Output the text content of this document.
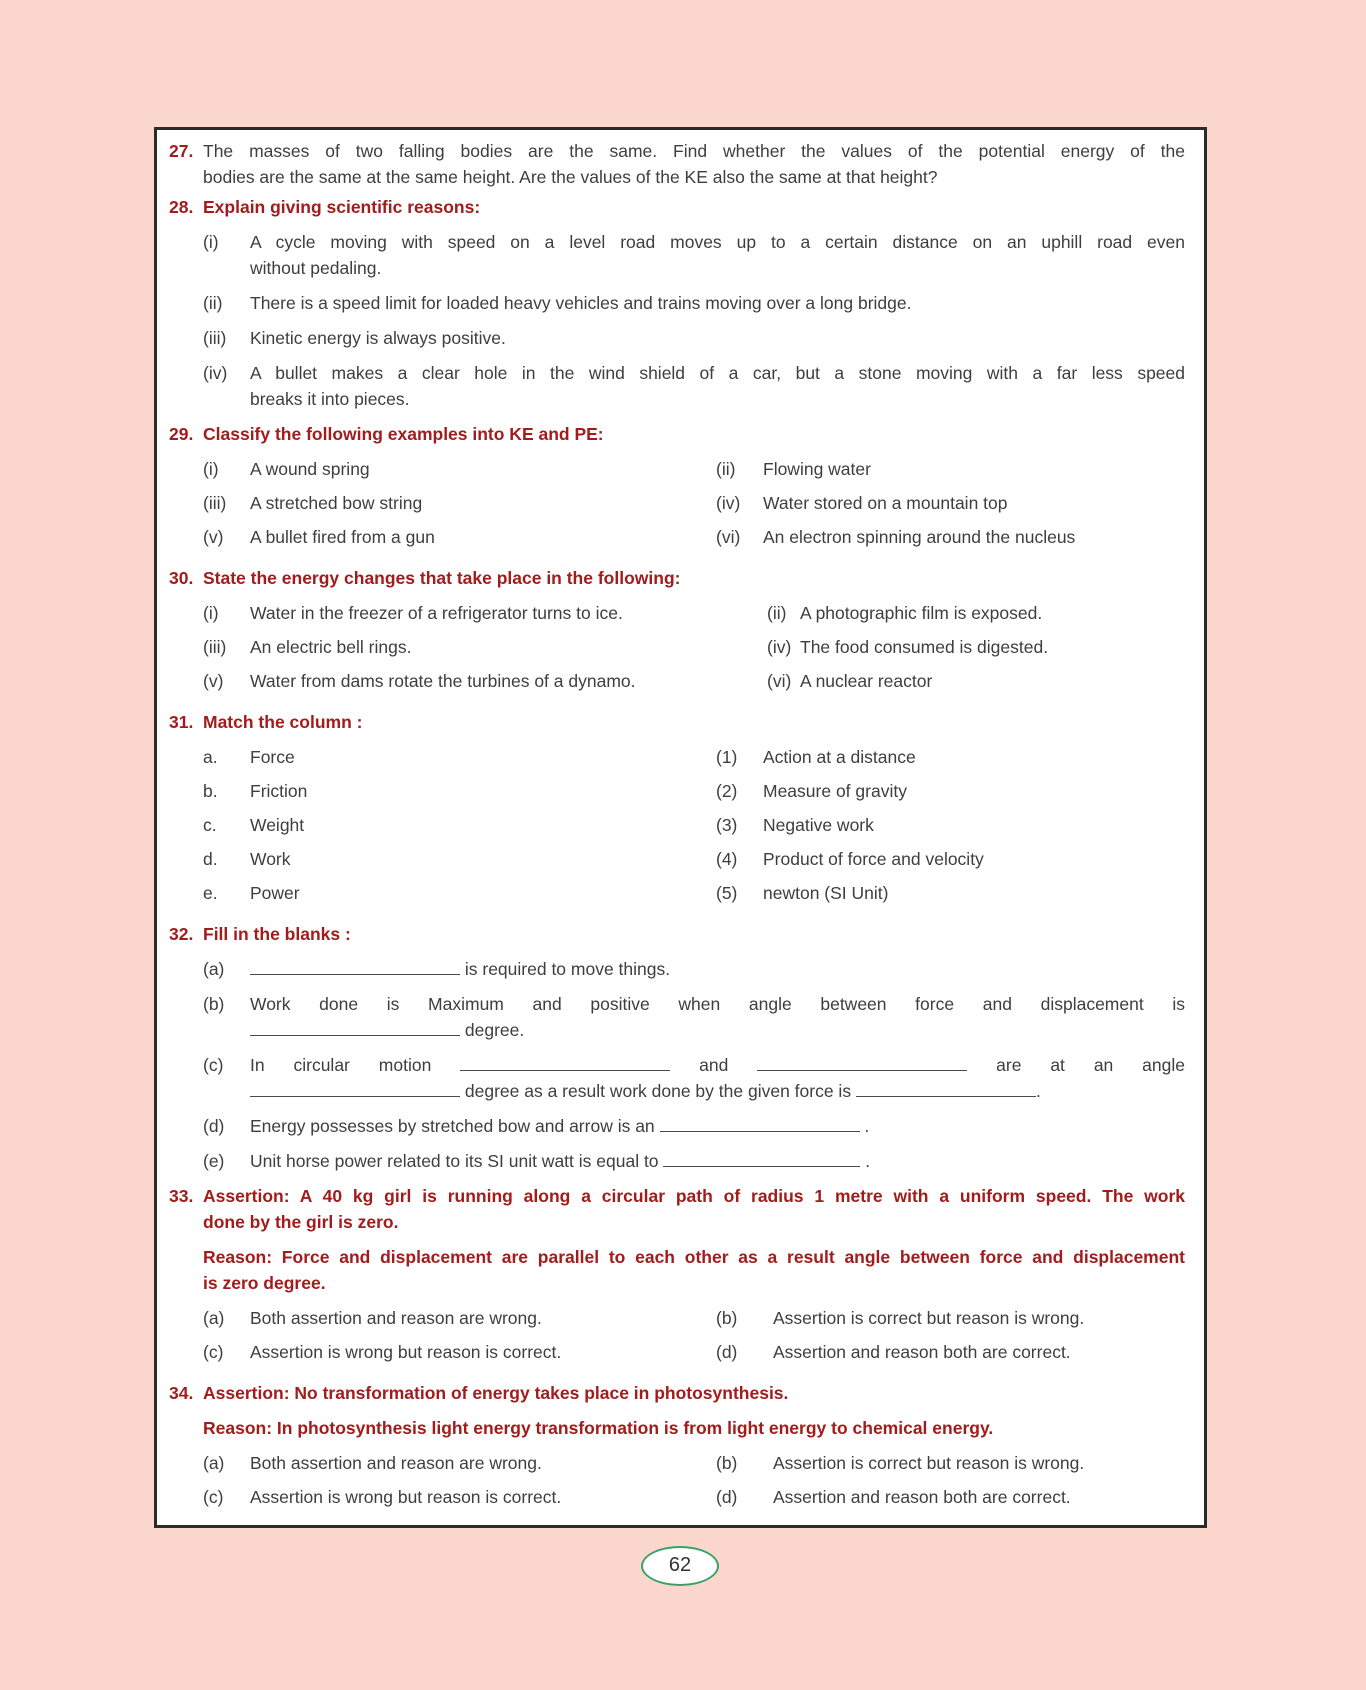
27. The masses of two falling bodies are the same. Find whether the values of the potential energy of the
bodies are the same at the same height. Are the values of the KE also the same at that height?
28. Explain giving scientific reasons:
(i)	A cycle moving with speed on a level road moves up to a certain distance on an uphill road even
without pedaling.
(ii)	There is a speed limit for loaded heavy vehicles and trains moving over a long bridge.
(iii)	Kinetic energy is always positive.
(iv)	A bullet makes a clear hole in the wind shield of a car, but a stone moving with a far less speed
breaks it into pieces.
29. Classify the following examples into KE and PE:
(i)	A wound spring	(ii)	Flowing water
(iii)	A stretched bow string	(iv)	Water stored on a mountain top
(v)	A bullet fired from a gun	(vi)	An electron spinning around the nucleus
30. State the energy changes that take place in the following:
(i)	Water in the freezer of a refrigerator turns to ice.	(ii) A photographic film is exposed.
(iii)	An electric bell rings.	(iv) The food consumed is digested.
(v)	Water from dams rotate the turbines of a dynamo.	(vi) A nuclear reactor
31. Match the column :
a.	Force	(1)	Action at a distance
b.	Friction	(2)	Measure of gravity
c.	Weight	(3)	Negative work
d.	Work	(4)	Product of force and velocity
e.	Power	(5)	newton (SI Unit)
32. Fill in the blanks :
(a)	is required to move things.
(b)	Work done is Maximum and positive when angle between force and displacement is
degree.
(c)	In circular motion	and	are at an angle
degree as a result work done by the given force is	.
(d)	Energy possesses by stretched bow and arrow is an	.
(e)	Unit horse power related to its SI unit watt is equal to	.
33. Assertion: A 40 kg girl is running along a circular path of radius 1 metre with a uniform speed. The work
done by the girl is zero.
Reason: Force and displacement are parallel to each other as a result angle between force and displacement
is zero degree.
(a)	Both assertion and reason are wrong.	(b)	Assertion is correct but reason is wrong.
(c)	Assertion is wrong but reason is correct.	(d)	Assertion and reason both are correct.
34. Assertion: No transformation of energy takes place in photosynthesis.
Reason: In photosynthesis light energy transformation is from light energy to chemical energy.
(a)	Both assertion and reason are wrong.	(b)	Assertion is correct but reason is wrong.
(c)	Assertion is wrong but reason is correct.	(d)	Assertion and reason both are correct.
62
